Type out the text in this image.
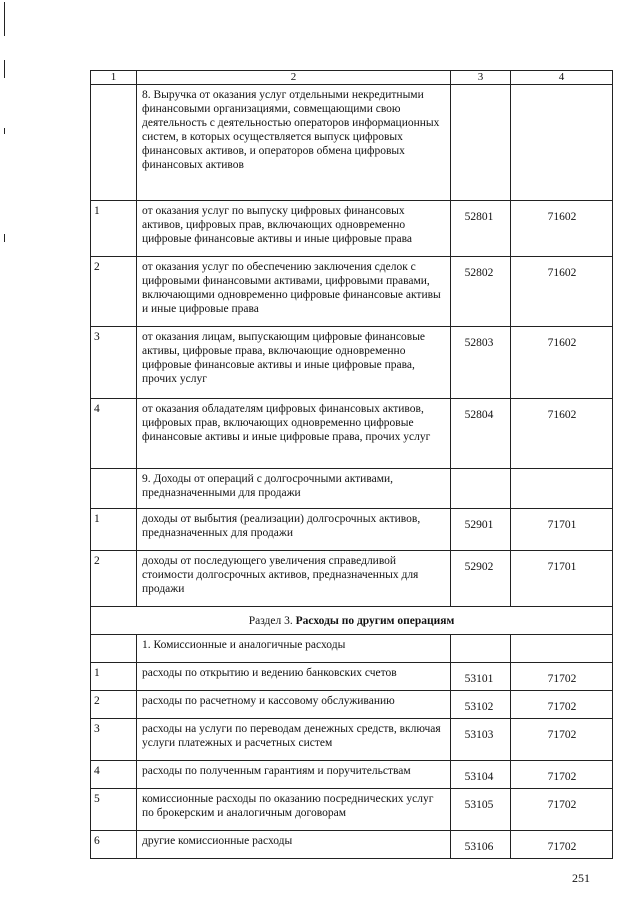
1	2	3	4
	8. Выручка от оказания услуг отдельными некредитными финансовыми организациями, совмещающими свою деятельность с деятельностью операторов информационных систем, в которых осуществляется выпуск цифровых финансовых активов, и операторов обмена цифровых финансовых активов		
1	от оказания услуг по выпуску цифровых финансовых активов, цифровых прав, включающих одновременно цифровые финансовые активы и иные цифровые права	52801	71602
2	от оказания услуг по обеспечению заключения сделок с цифровыми финансовыми активами, цифровыми правами, включающими одновременно цифровые финансовые активы и иные цифровые права	52802	71602
3	от оказания лицам, выпускающим цифровые финансовые активы, цифровые права, включающие одновременно цифровые финансовые активы и иные цифровые права, прочих услуг	52803	71602
4	от оказания обладателям цифровых финансовых активов, цифровых прав, включающих одновременно цифровые финансовые активы и иные цифровые права, прочих услуг	52804	71602
	9. Доходы от операций с долгосрочными активами, предназначенными для продажи		
1	доходы от выбытия (реализации) долгосрочных активов, предназначенных для продажи	52901	71701
2	доходы от последующего увеличения справедливой стоимости долгосрочных активов, предназначенных для продажи	52902	71701
Раздел 3. Расходы по другим операциям			
	1. Комиссионные и аналогичные расходы		
1	расходы по открытию и ведению банковских счетов	53101	71702
2	расходы по расчетному и кассовому обслуживанию	53102	71702
3	расходы на услуги по переводам денежных средств, включая услуги платежных и расчетных систем	53103	71702
4	расходы по полученным гарантиям и поручительствам	53104	71702
5	комиссионные расходы по оказанию посреднических услуг по брокерским и аналогичным договорам	53105	71702
6	другие комиссионные расходы	53106	71702
251
